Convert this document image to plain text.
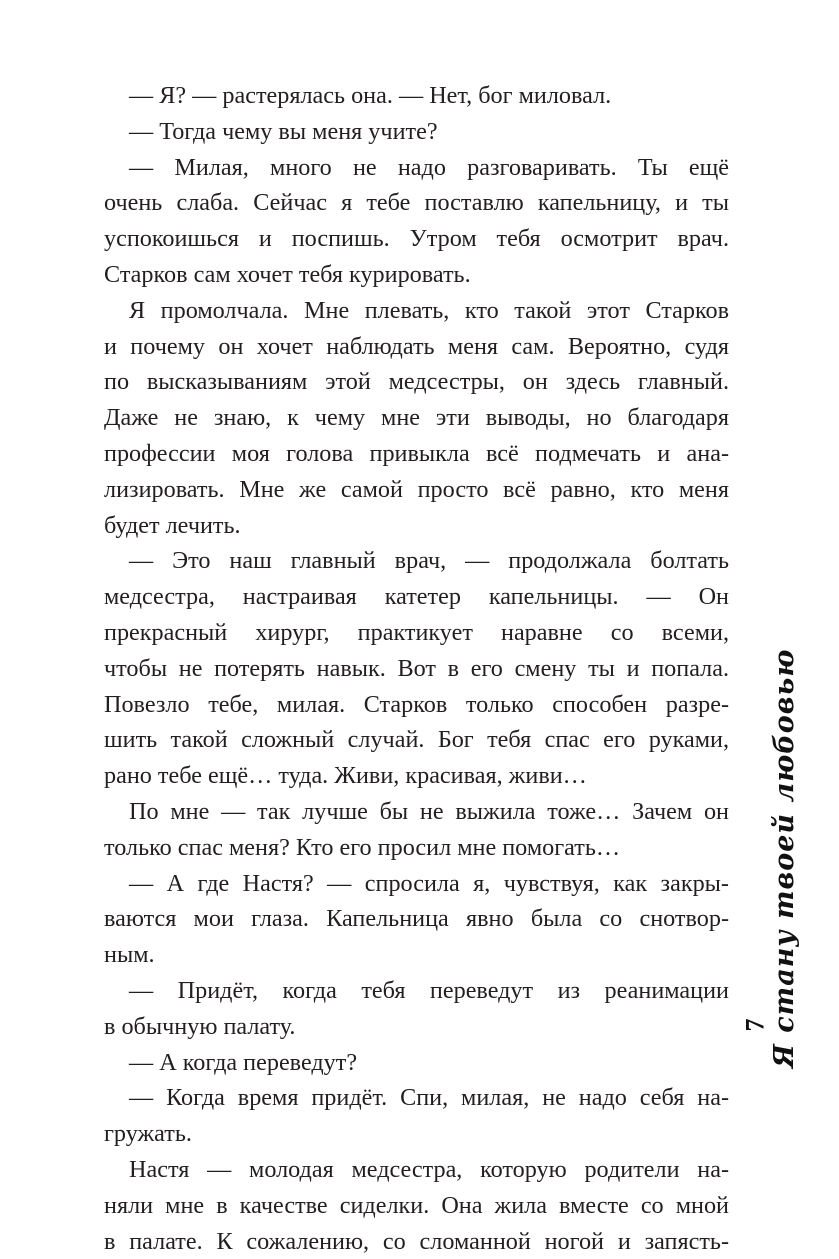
— Я? — растерялась она. — Нет, бог миловал.
— Тогда чему вы меня учите?
— Милая, много не надо разговаривать. Ты ещё
очень слаба. Сейчас я тебе поставлю капельницу, и ты
успокоишься и поспишь. Утром тебя осмотрит врач.
Старков сам хочет тебя курировать.
Я промолчала. Мне плевать, кто такой этот Старков
и почему он хочет наблюдать меня сам. Вероятно, судя
по высказываниям этой медсестры, он здесь главный.
Даже не знаю, к чему мне эти выводы, но благодаря
профессии моя голова привыкла всё подмечать и ана-
лизировать. Мне же самой просто всё равно, кто меня
будет лечить.
— Это наш главный врач, — продолжала болтать
медсестра, настраивая катетер капельницы. — Он
прекрасный хирург, практикует наравне со всеми,
чтобы не потерять навык. Вот в его смену ты и попала.
Повезло тебе, милая. Старков только способен разре-
шить такой сложный случай. Бог тебя спас его руками,
рано тебе ещё… туда. Живи, красивая, живи…
По мне — так лучше бы не выжила тоже… Зачем он
только спас меня? Кто его просил мне помогать…
— А где Настя? — спросила я, чувствуя, как закры-
ваются мои глаза. Капельница явно была со снотвор-
ным.
— Придёт, когда тебя переведут из реанимации
в обычную палату.
— А когда переведут?
— Когда время придёт. Спи, милая, не надо себя на-
гружать.
Настя — молодая медсестра, которую родители на-
няли мне в качестве сиделки. Она жила вместе со мной
в палате. К сожалению, со сломанной ногой и запясть-
Я стану твоей любовью
7
